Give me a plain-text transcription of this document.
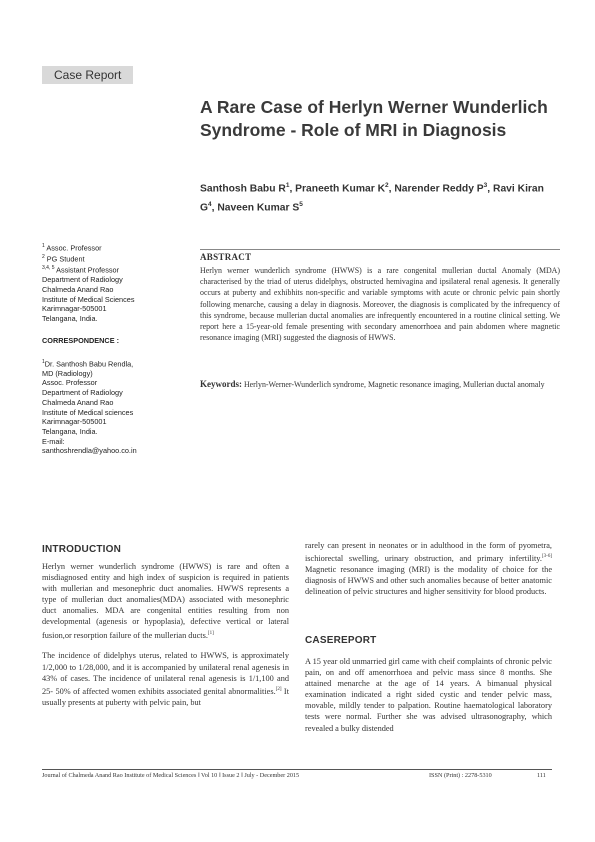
Case Report
A Rare Case of Herlyn Werner Wunderlich Syndrome - Role of MRI in Diagnosis
Santhosh Babu $R^1$, Praneeth Kumar $K^2$, Narender Reddy $P^3$, Ravi Kiran $G^4$, Naveen Kumar $S^5$
$^1$ Assoc. Professor
$^2$ PG Student
$^{3,4, 5}$ Assistant Professor
Department of Radiology
Chalmeda Anand Rao
Institute of Medical Sciences
Karimnagar-505001
Telangana, India.
CORRESPONDENCE :
$^1$Dr. Santhosh Babu Rendla,
MD (Radiology)
Assoc. Professor
Department of Radiology
Chalmeda Anand Rao
Institute of Medical sciences
Karimnagar-505001
Telangana, India.
E-mail:
santhoshrendla@yahoo.co.in
ABSTRACT
Herlyn werner wunderlich syndrome (HWWS) is a rare congenital mullerian ductal Anomaly (MDA) characterised by the triad of uterus didelphys, obstructed hemivagina and ipsilateral renal agenesis. It generally occurs at puberty and exhibhits non-specific and variable symptoms with acute or chronic pelvic pain shortly following menarche, causing a delay in diagnosis. Moreover, the diagnosis is complicated by the infrequency of this syndrome, because mullerian ductal anomalies are infrequently encountered in a routine clinical setting. We report here a 15-year-old female presenting with secondary amenorrhoea and pain abdomen where magnetic resonance imaging (MRI) suggested the diagnosis of HWWS.
Keywords: Herlyn-Werner-Wunderlich syndrome, Magnetic resonance imaging, Mullerian ductal anomaly
INTRODUCTION

Herlyn werner wunderlich syndrome (HWWS) is rare and often a misdiagnosed entity and high index of suspicion is required in patients with mullerian and mesonephric duct anomalies. HWWS represents a type of mullerian duct anomalies(MDA) associated with mesonephric duct anomalies. MDA are congenital entities resulting from non developmental (agenesis or hypoplasia), defective vertical or lateral fusion,or resorption failure of the mullerian ducts.[1]

The incidence of didelphys uterus, related to HWWS, is approximately 1/2,000 to 1/28,000, and it is accompanied by unilateral renal agenesis in 43% of cases. The incidence of unilateral renal agenesis is 1/1,100 and 25- 50% of affected women exhibits associated genital abnormalities.[2] It usually presents at puberty with pelvic pain, but

rarely can present in neonates or in adulthood in the form of pyometra, ischiorectal swelling, urinary obstruction, and primary infertility.[3-6] Magnetic resonance imaging (MRI) is the modality of choice for the diagnosis of HWWS and other such anomalies because of better anatomic delineation of pelvic structures and higher sensitivity for blood products.

CASEREPORT

A 15 year old unmarried girl came with cheif complaints of chronic pelvic pain, on and off amenorrhoea and pelvic mass since 8 months. She attained menarche at the age of 14 years. A bimanual physical examination indicated a right sided cystic and tender pelvic mass, movable, mildly tender to palpation. Routine haematological laboratory tests were normal. Further she was advised ultrasonography, which revealed a bulky distended

Journal of Chalmeda Anand Rao Institute of Medical Sciences ‖ Vol 10 ‖ Issue 2 ‖ July - December 2015	ISSN (Print) : 2278-5310	111
